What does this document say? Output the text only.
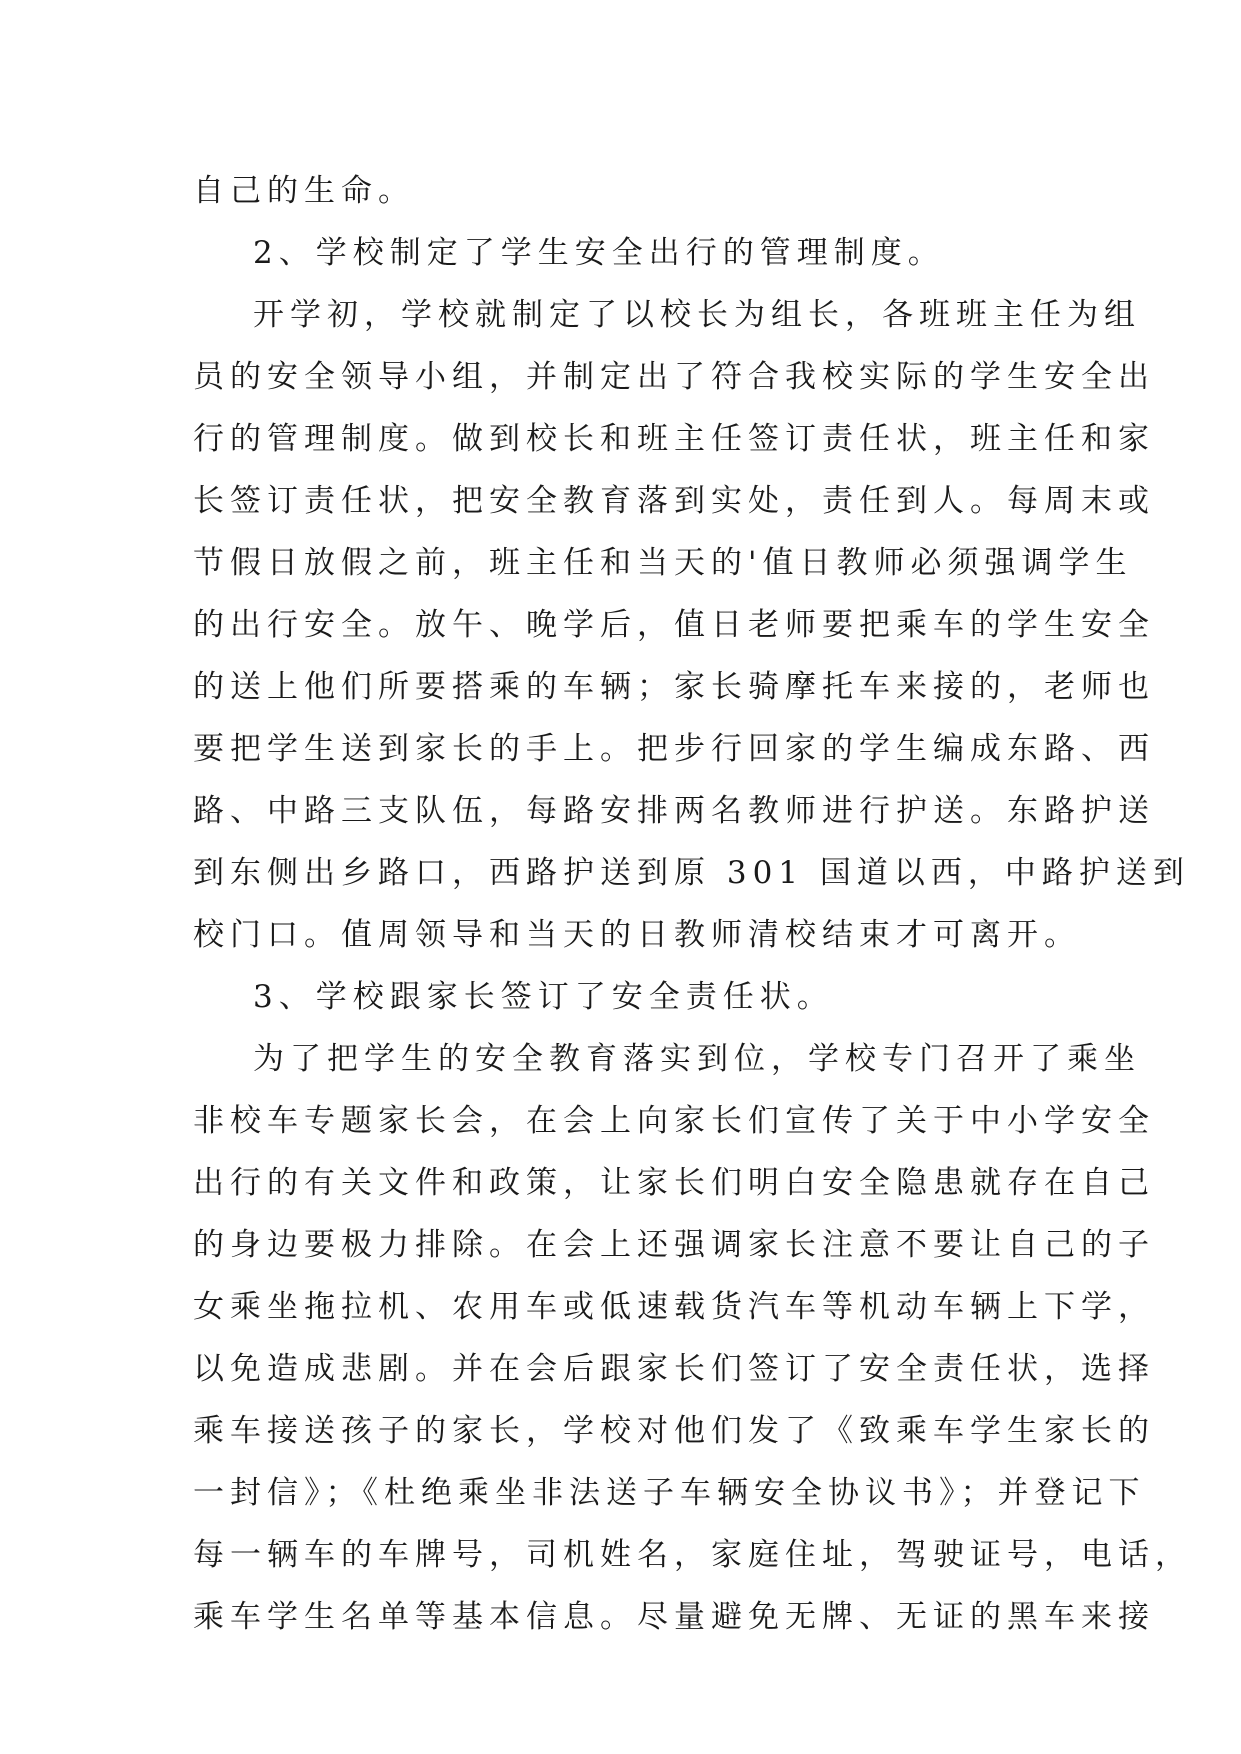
自己的生命。
2、学校制定了学生安全出行的管理制度。
开学初，学校就制定了以校长为组长，各班班主任为组
员的安全领导小组，并制定出了符合我校实际的学生安全出
行的管理制度。做到校长和班主任签订责任状，班主任和家
长签订责任状，把安全教育落到实处，责任到人。每周末或
节假日放假之前，班主任和当天的'值日教师必须强调学生
的出行安全。放午、晚学后，值日老师要把乘车的学生安全
的送上他们所要搭乘的车辆；家长骑摩托车来接的，老师也
要把学生送到家长的手上。把步行回家的学生编成东路、西
路、中路三支队伍，每路安排两名教师进行护送。东路护送
到东侧出乡路口，西路护送到原 301 国道以西，中路护送到
校门口。值周领导和当天的日教师清校结束才可离开。
3、学校跟家长签订了安全责任状。
为了把学生的安全教育落实到位，学校专门召开了乘坐
非校车专题家长会，在会上向家长们宣传了关于中小学安全
出行的有关文件和政策，让家长们明白安全隐患就存在自己
的身边要极力排除。在会上还强调家长注意不要让自己的子
女乘坐拖拉机、农用车或低速载货汽车等机动车辆上下学，
以免造成悲剧。并在会后跟家长们签订了安全责任状，选择
乘车接送孩子的家长，学校对他们发了《致乘车学生家长的
一封信》；《杜绝乘坐非法送子车辆安全协议书》；并登记下
每一辆车的车牌号，司机姓名，家庭住址，驾驶证号，电话，
乘车学生名单等基本信息。尽量避免无牌、无证的黑车来接
